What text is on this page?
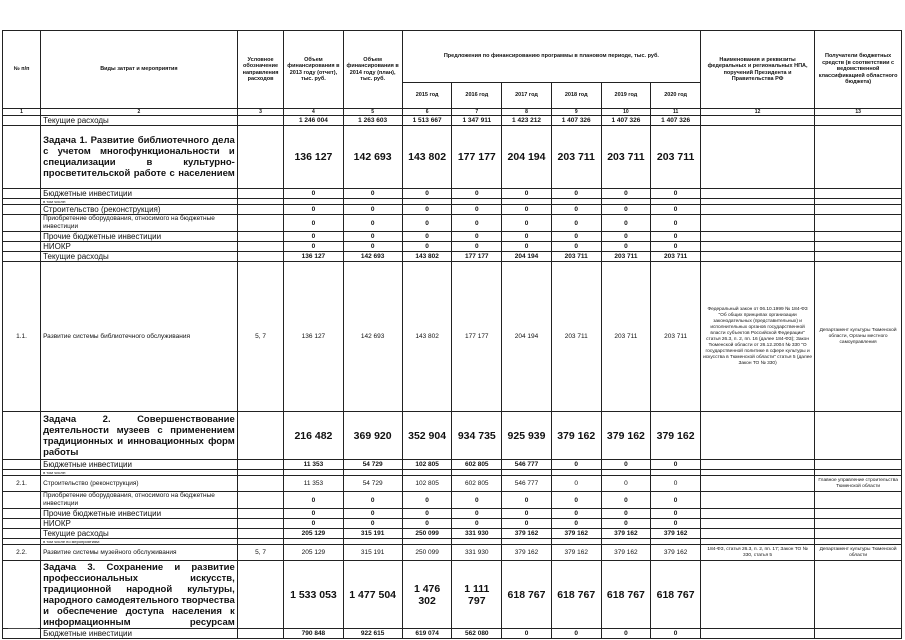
№ п/п	Виды затрат и мероприятия	Условное обозначение направления расходов	Объем финансирования в 2013 году (отчет), тыс. руб.	Объем финансирования в 2014 году (план), тыс. руб.	Предложения по финансированию программы в плановом периоде, тыс. руб.						Наименования и реквизиты федеральных и региональных НПА, поручений Президента и Правительства РФ	Получатели бюджетных средств (в соответствии с ведомственной классификацией областного бюджета)
					2015 год	2016 год	2017 год	2018 год	2019 год	2020 год		
1	2	3	4	5	6	7	8	9	10	11	12	13
	Текущие расходы		1 246 004	1 263 603	1 513 667	1 347 911	1 423 212	1 407 326	1 407 326	1 407 326		
	Задача 1. Развитие библиотечного дела с учетом многофункциональности и специализации в культурно-просветительской работе с населением		136 127	142 693	143 802	177 177	204 194	203 711	203 711	203 711		
	Бюджетные инвестиции		0	0	0	0	0	0	0	0		
	в том числе:											
	Строительство (реконструкция)		0	0	0	0	0	0	0	0		
	Приобретение оборудования, относимого на бюджетные инвестиции		0	0	0	0	0	0	0	0		
	Прочие бюджетные инвестиции		0	0	0	0	0	0	0	0		
	НИОКР		0	0	0	0	0	0	0	0		
	Текущие расходы		136 127	142 693	143 802	177 177	204 194	203 711	203 711	203 711		
1.1.	Развитие системы библиотечного обслуживания	5, 7	136 127	142 693	143 802	177 177	204 194	203 711	203 711	203 711	Федеральный закон от 06.10.1999 № 184-ФЗ "Об общих принципах организации законодательных (представительных) и исполнительных органов государственной власти субъектов Российской Федерации" статья 26.3, п. 2, пп. 16 (далее 184-ФЗ); Закон Тюменской области от 26.12.2004 № 330 "О государственной политике в сфере культуры и искусства в Тюменской области" статья 5 (далее Закон ТО № 330)	Департамент культуры Тюменской области, Органы местного самоуправления
	Задача 2. Совершенствование деятельности музеев с применением традиционных и инновационных форм работы		216 482	369 920	352 904	934 735	925 939	379 162	379 162	379 162		
	Бюджетные инвестиции		11 353	54 729	102 805	602 805	546 777	0	0	0		
	в том числе:											
2.1.	Строительство (реконструкция)		11 353	54 729	102 805	602 805	546 777	0	0	0		Главное управление строительства Тюменской области
	Приобретение оборудования, относимого на бюджетные инвестиции		0	0	0	0	0	0	0	0		
	Прочие бюджетные инвестиции		0	0	0	0	0	0	0	0		
	НИОКР		0	0	0	0	0	0	0	0		
	Текущие расходы		205 129	315 191	250 099	331 930	379 162	379 162	379 162	379 162		
	в том числе по мероприятиям:											
2.2.	Развитие системы музейного обслуживания	5, 7	205 129	315 191	250 099	331 930	379 162	379 162	379 162	379 162	184-ФЗ, статья 26.3, п. 2, пп. 17; Закон ТО № 330, статья 5	Департамент культуры Тюменской области
	Задача 3. Сохранение и развитие профессиональных искусств, традиционной народной культуры, народного самодеятельного творчества и обеспечение доступа населения к информационным ресурсам		1 533 053	1 477 504	1 476 302	1 111 797	618 767	618 767	618 767	618 767		
	Бюджетные инвестиции		790 848	922 615	619 074	562 080	0	0	0	0		
